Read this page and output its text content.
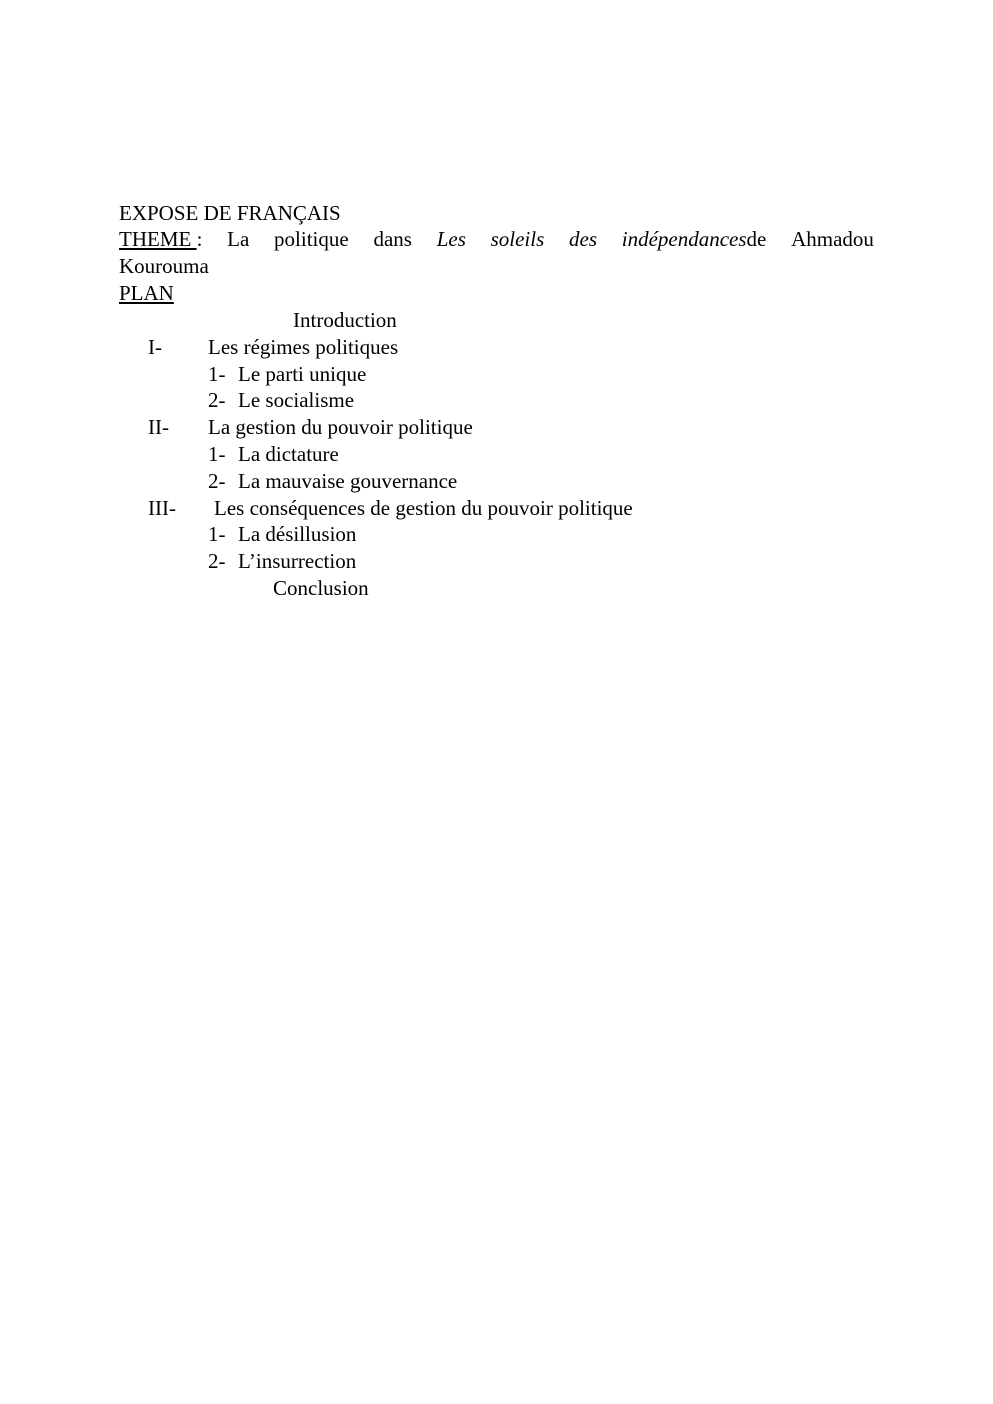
EXPOSE DE FRANÇAIS
THEME : La politique dans Les soleils des indépendancesde Ahmadou
Kourouma
PLAN
Introduction
I- Les régimes politiques
1- Le parti unique
2- Le socialisme
II- La gestion du pouvoir politique
1- La dictature
2- La mauvaise gouvernance
III- Les conséquences de gestion du pouvoir politique
1- La désillusion
2- L’insurrection
Conclusion
